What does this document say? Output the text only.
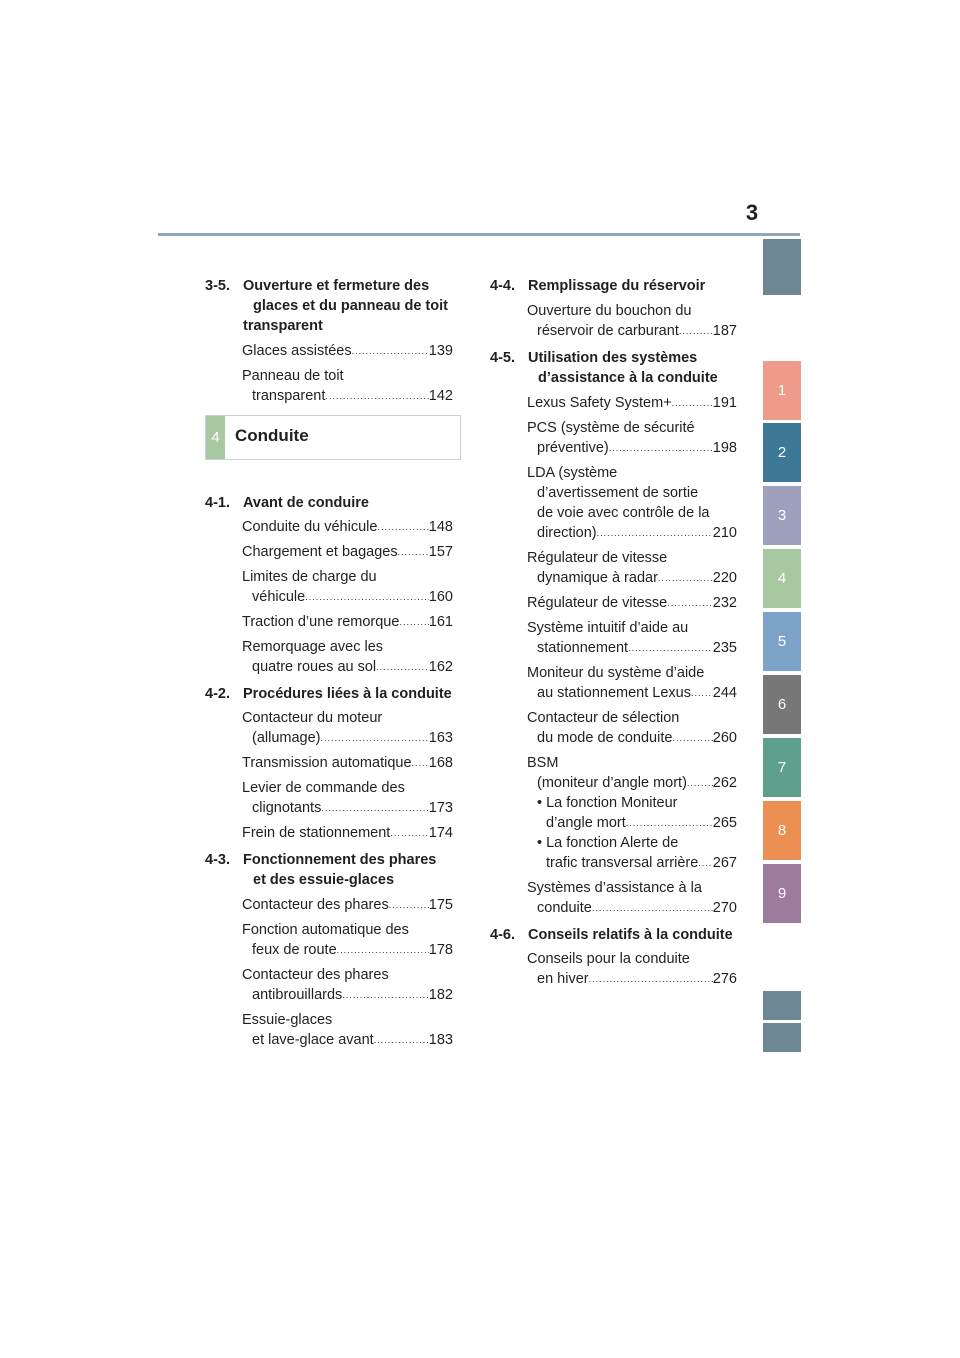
3
1
2
3
4
5
6
7
8
9
3-5. Ouverture et fermeture des
glaces et du panneau de toit
transparent
Glaces assistées .....	139
Panneau de toit
transparent .....	142
4-1. Avant de conduire
Conduite du véhicule .....	148
Chargement et bagages ..... 157
Limites de charge du
véhicule .....	160
Traction d’une remorque ..... 161
Remorquage avec les
quatre roues au sol .....	162
4-2. Procédures liées à la conduite
Contacteur du moteur
(allumage) .....	163
Transmission automatique ..... 168
Levier de commande des
clignotants .....	173
Frein de stationnement .....	174
4-3. Fonctionnement des phares
et des essuie-glaces
Contacteur des phares .....	175
Fonction automatique des
feux de route .....	178
Contacteur des phares
antibrouillards .....	182
Essuie-glaces
et lave-glace avant .....	183
4 Conduite
4-4. Remplissage du réservoir
Ouverture du bouchon du
réservoir de carburant ..... 187
4-5. Utilisation des systèmes
d’assistance à la conduite
Lexus Safety System+ .....	191
PCS (système de sécurité
préventive) .....	198
LDA (système
d’avertissement de sortie
de voie avec contrôle de la
direction) .....	210
Régulateur de vitesse
dynamique à radar .....	220
Régulateur de vitesse .....	232
Système intuitif d’aide au
stationnement .....	235
Moniteur du système d’aide
au stationnement Lexus ..... 244
Contacteur de sélection
du mode de conduite .....	260
BSM
(moniteur d’angle mort) ..... 262
• La fonction Moniteur
d’angle mort .....	265
• La fonction Alerte de
trafic transversal arrière ..... 267
Systèmes d’assistance à la
conduite .....	270
4-6. Conseils relatifs à la conduite
Conseils pour la conduite
en hiver .....	276
